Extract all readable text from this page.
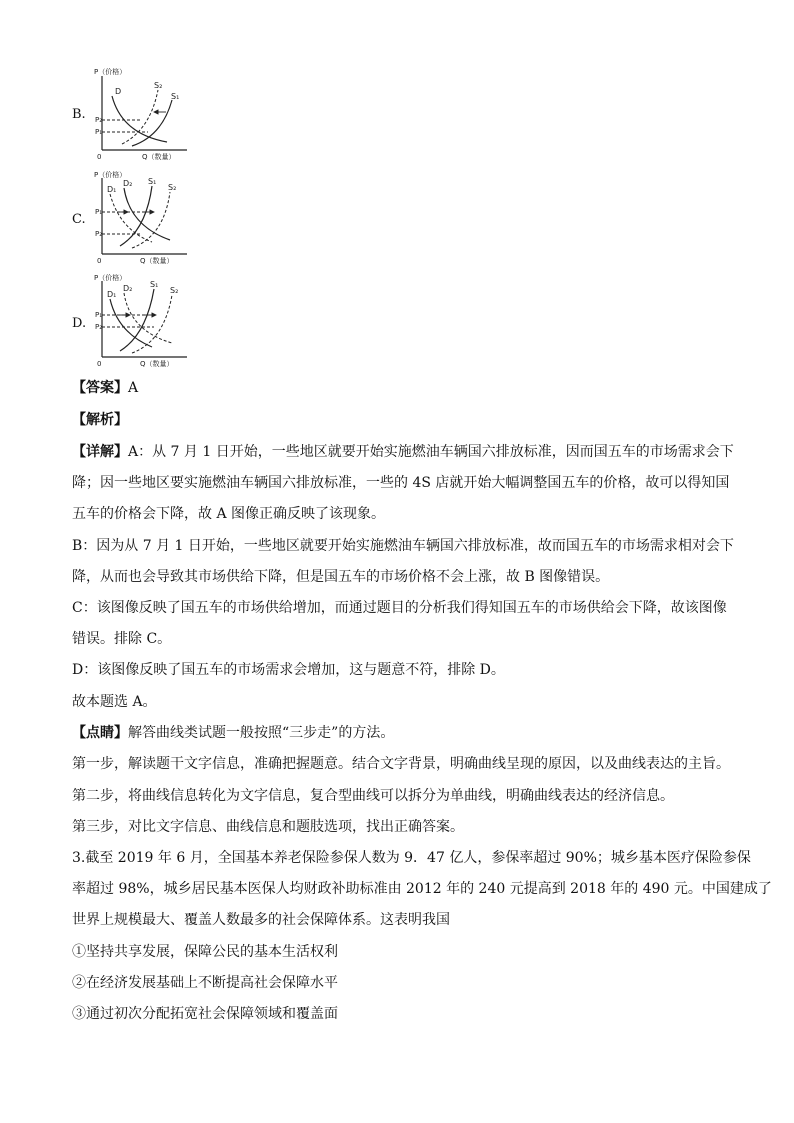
B.
P（价格）
Q（数量）
0
P₂
P₁
D
S₂
S₁
C.
P（价格）
Q（数量）
0
P₁
P₂
D₁
D₂ S₁
S₂
D.
P（价格）
Q（数量）
0
P₁
P₂
D₁
D₂ S₁
S₂
【答案】A
【解析】
【详解】A：从 7 月 1 日开始，一些地区就要开始实施燃油车辆国六排放标准，因而国五车的市场需求会下
降；因一些地区要实施燃油车辆国六排放标准，一些的 4S 店就开始大幅调整国五车的价格，故可以得知国
五车的价格会下降，故 A 图像正确反映了该现象。
B：因为从 7 月 1 日开始，一些地区就要开始实施燃油车辆国六排放标准，故而国五车的市场需求相对会下
降，从而也会导致其市场供给下降，但是国五车的市场价格不会上涨，故 B 图像错误。
C：该图像反映了国五车的市场供给增加，而通过题目的分析我们得知国五车的市场供给会下降，故该图像
错误。排除 C。
D：该图像反映了国五车的市场需求会增加，这与题意不符，排除 D。
故本题选 A。
【点睛】解答曲线类试题一般按照“三步走”的方法。
第一步，解读题干文字信息，准确把握题意。结合文字背景，明确曲线呈现的原因，以及曲线表达的主旨。
第二步，将曲线信息转化为文字信息，复合型曲线可以拆分为单曲线，明确曲线表达的经济信息。
第三步，对比文字信息、曲线信息和题肢选项，找出正确答案。
3.截至 2019 年 6 月，全国基本养老保险参保人数为 9．47 亿人，参保率超过 90%；城乡基本医疗保险参保
率超过 98%，城乡居民基本医保人均财政补助标准由 2012 年的 240 元提高到 2018 年的 490 元。中国建成了
世界上规模最大、覆盖人数最多的社会保障体系。这表明我国
①坚持共享发展，保障公民的基本生活权利
②在经济发展基础上不断提高社会保障水平
③通过初次分配拓宽社会保障领域和覆盖面
